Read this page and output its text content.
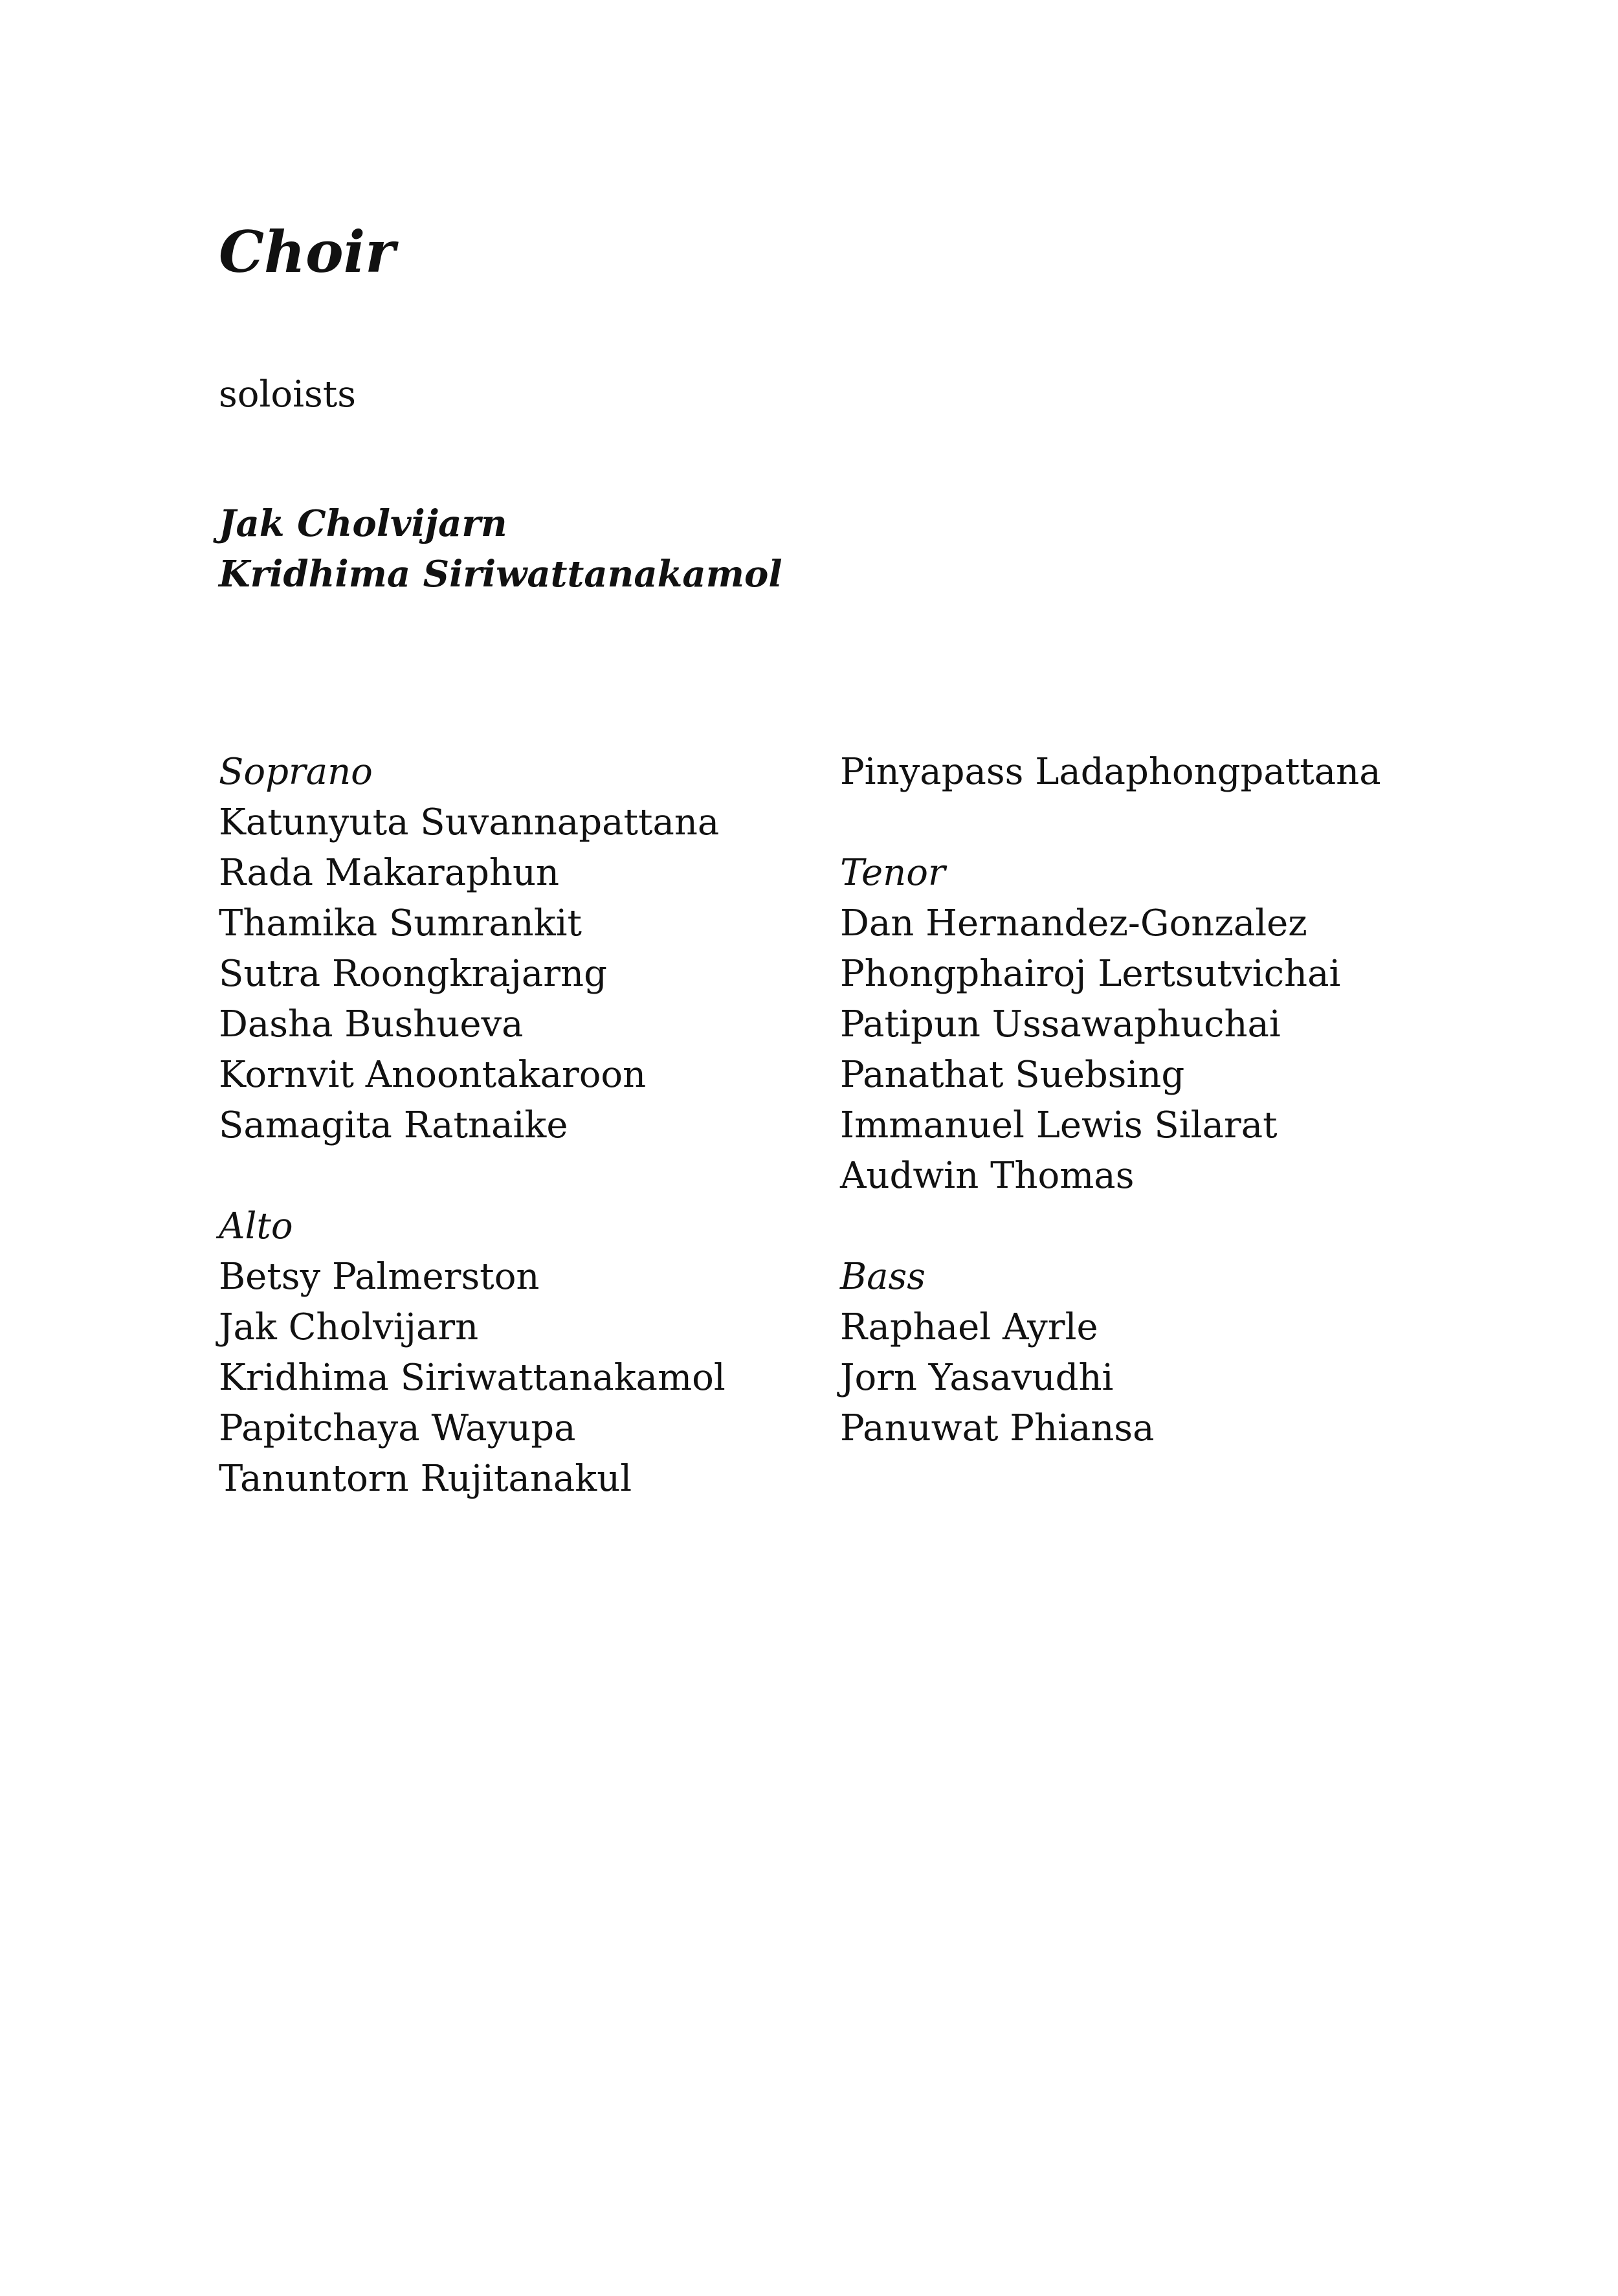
Choir
soloists
Jak Cholvijarn
Kridhima Siriwattanakamol
Soprano
Katunyuta Suvannapattana
Rada Makaraphun
Thamika Sumrankit
Sutra Roongkrajarng
Dasha Bushueva
Kornvit Anoontakaroon
Samagita Ratnaike
Alto
Betsy Palmerston
Jak Cholvijarn
Kridhima Siriwattanakamol
Papitchaya Wayupa
Tanuntorn Rujitanakul
Pinyapass Ladaphongpattana
Tenor
Dan Hernandez-Gonzalez
Phongphairoj Lertsutvichai
Patipun Ussawaphuchai
Panathat Suebsing
Immanuel Lewis Silarat
Audwin Thomas
Bass
Raphael Ayrle
Jorn Yasavudhi
Panuwat Phiansa
